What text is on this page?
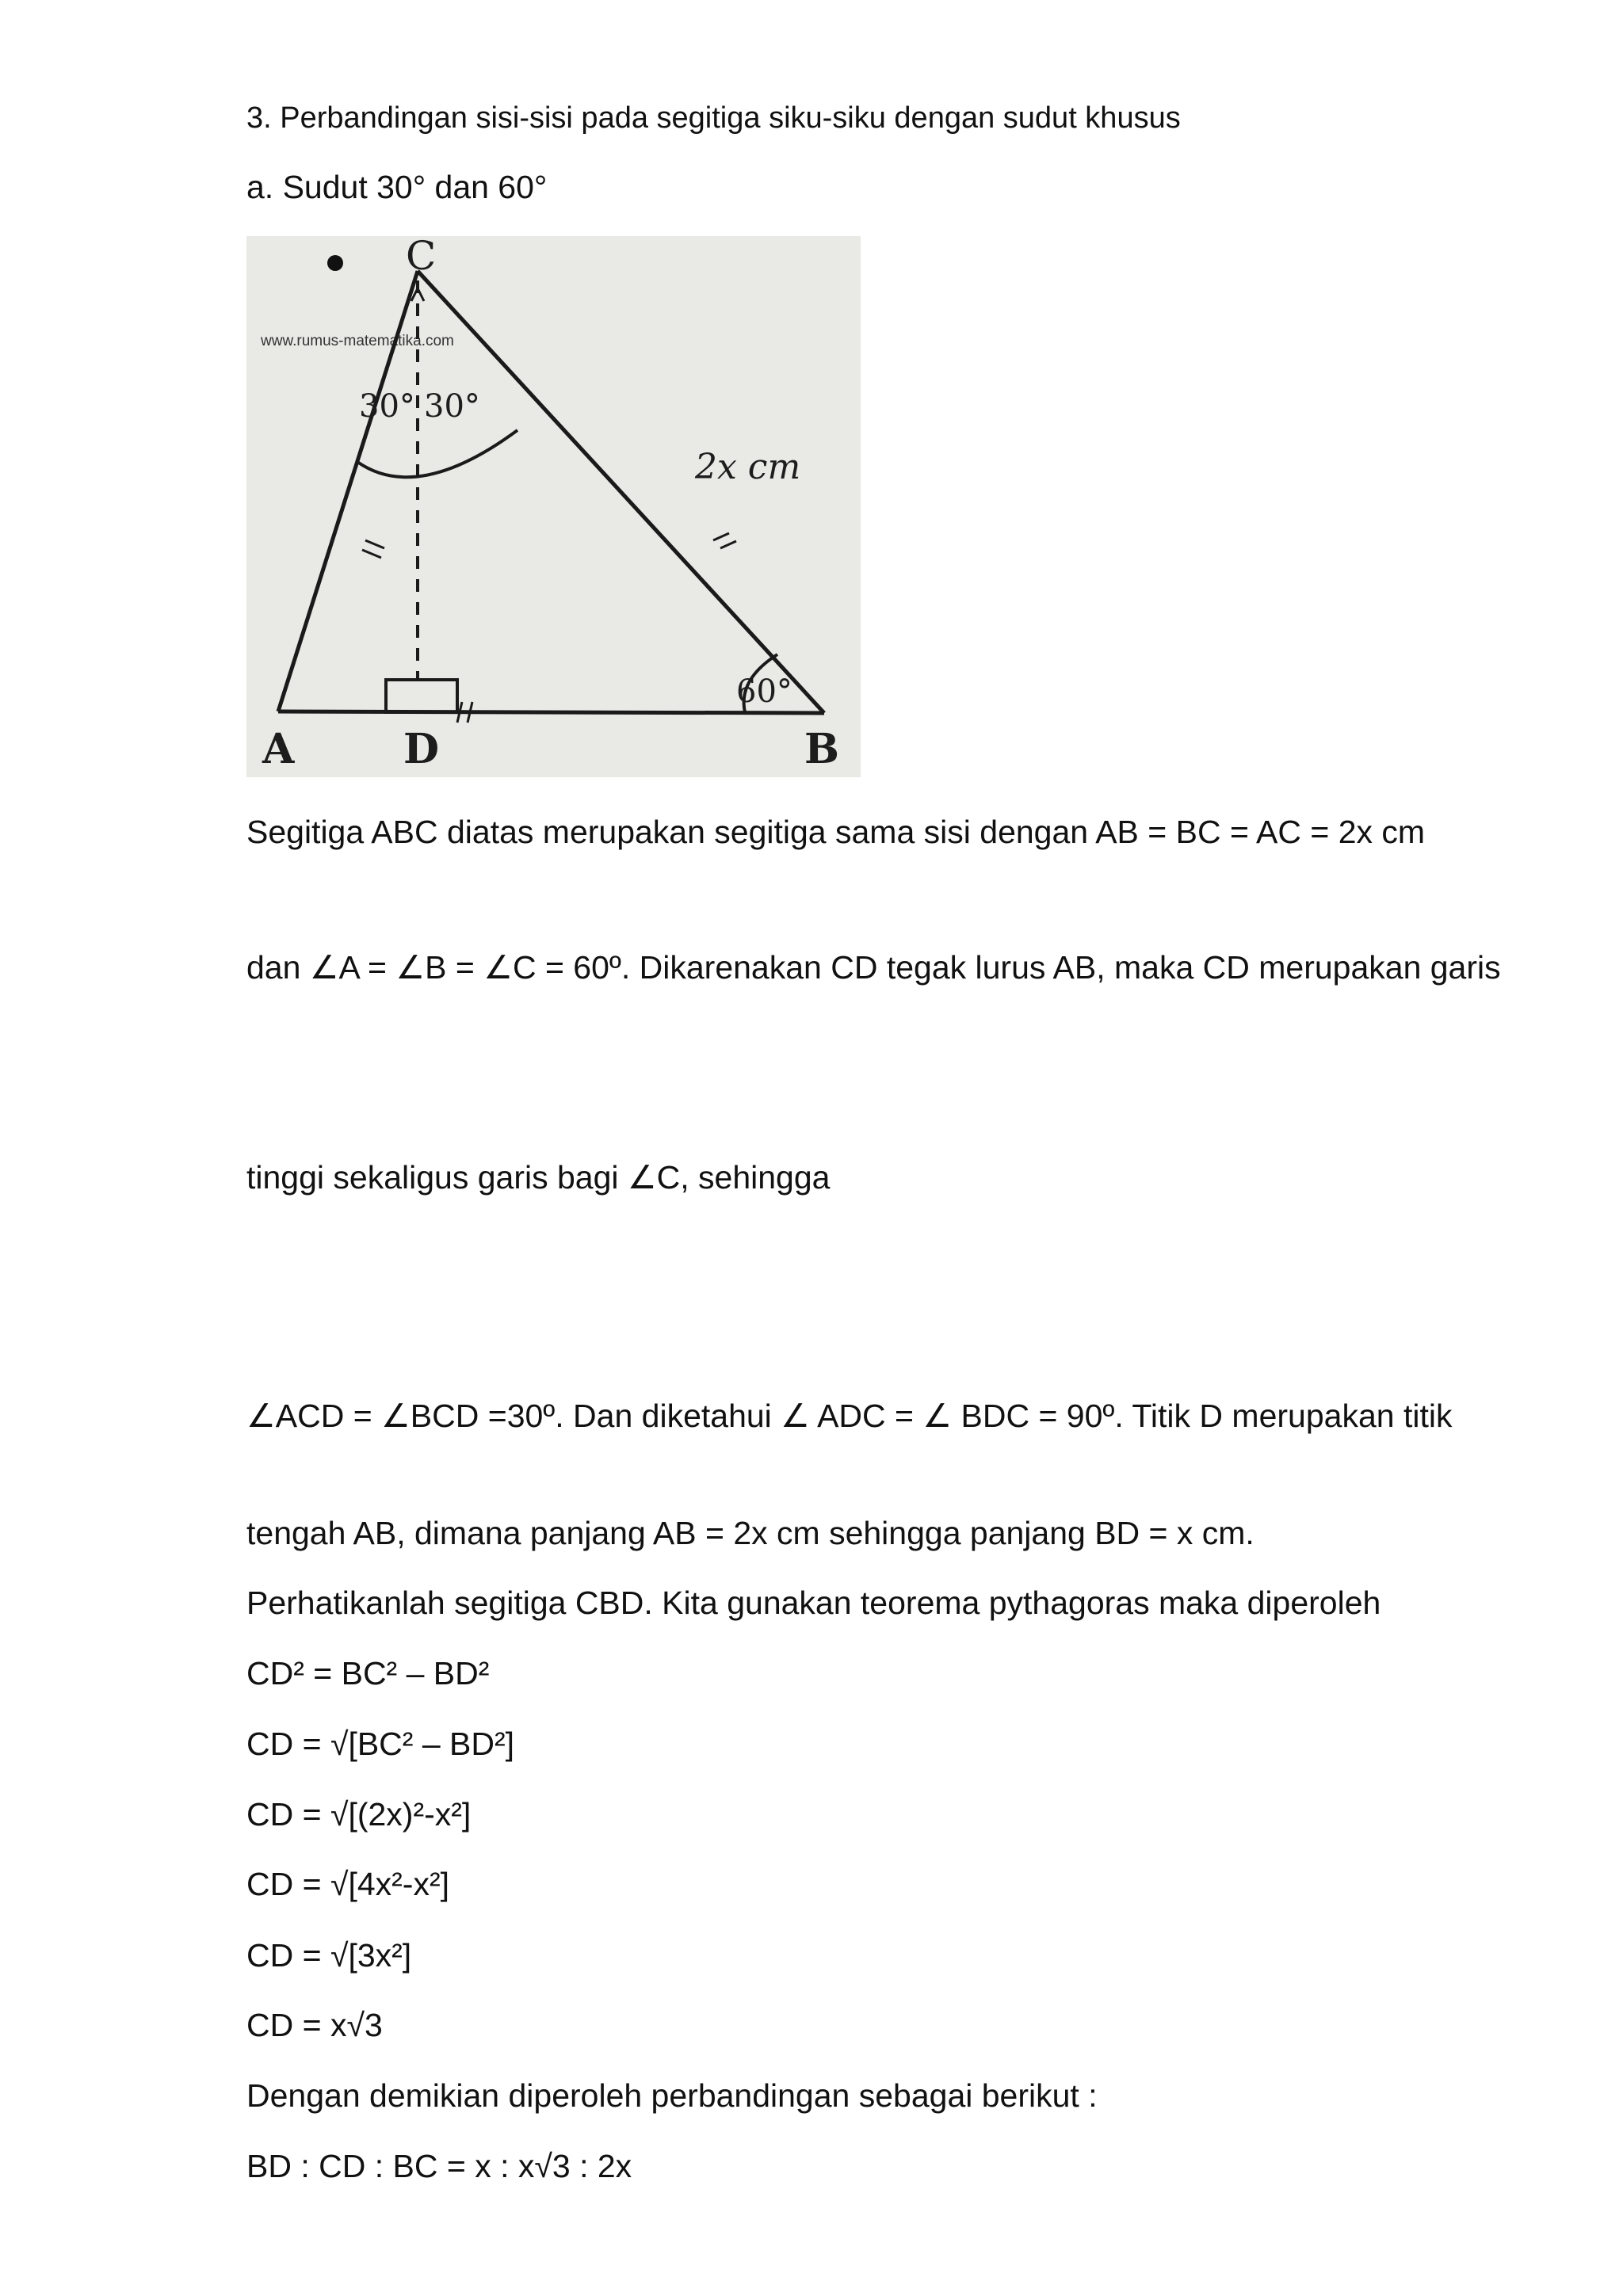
3. Perbandingan sisi-sisi pada segitiga siku-siku dengan sudut khusus
a. Sudut 30° dan 60°
www.rumus-matematika.com
C
A	D	B
30° 30°
60°
2x cm
Segitiga ABC diatas merupakan segitiga sama sisi dengan AB = BC = AC = 2x cm
dan ∠A = ∠B = ∠C = 60º. Dikarenakan CD tegak lurus AB, maka CD merupakan garis
tinggi sekaligus garis bagi ∠C, sehingga
∠ACD = ∠BCD =30º. Dan diketahui ∠ ADC = ∠ BDC = 90º. Titik D merupakan titik
tengah AB, dimana panjang AB = 2x cm sehingga panjang BD = x cm.
Perhatikanlah segitiga CBD. Kita gunakan teorema pythagoras maka diperoleh
CD² = BC² – BD²
CD = √[BC² – BD²]
CD = √[(2x)²-x²]
CD = √[4x²-x²]
CD = √[3x²]
CD = x√3
Dengan demikian diperoleh perbandingan sebagai berikut :
BD : CD : BC = x : x√3 : 2x
